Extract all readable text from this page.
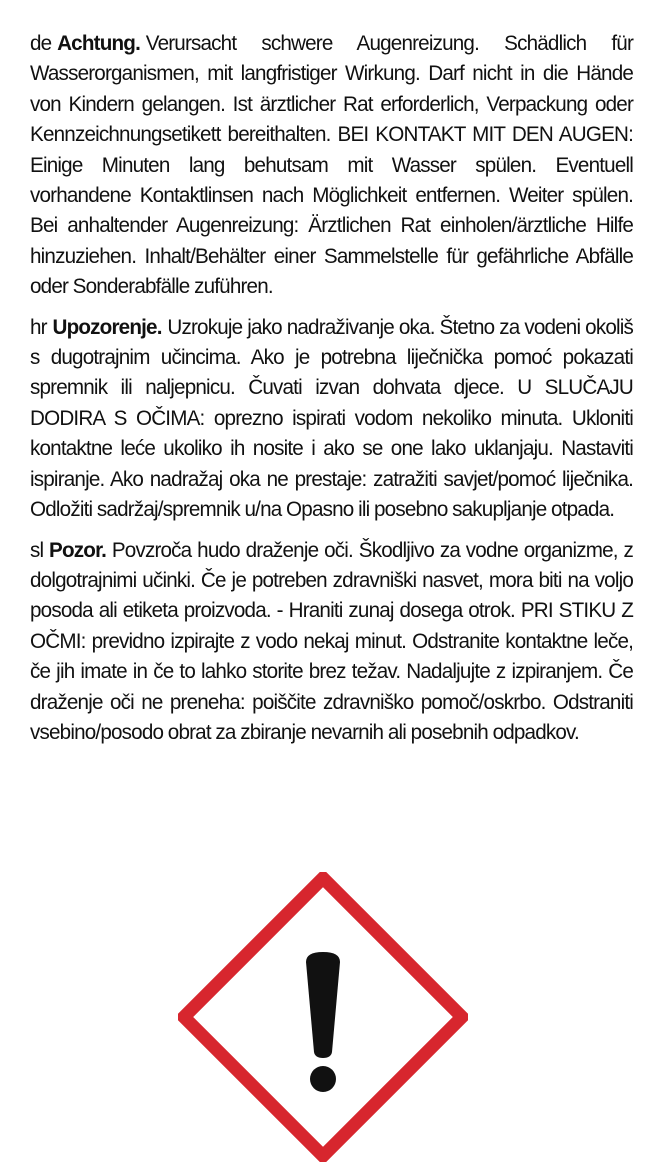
de Achtung. Verursacht schwere Augenreizung. Schädlich für Wasserorganismen, mit langfristiger Wirkung. Darf nicht in die Hände von Kindern gelangen. Ist ärztlicher Rat erforderlich, Verpackung oder Kennzeichnungsetikett bereithalten. BEI KONTAKT MIT DEN AUGEN: Einige Minuten lang behutsam mit Wasser spülen. Eventuell vorhandene Kontaktlinsen nach Möglichkeit entfernen. Weiter spülen. Bei anhaltender Augenreizung: Ärztlichen Rat einholen/ärztliche Hilfe hinzuziehen. Inhalt/Behälter einer Sammelstelle für gefährliche Abfälle oder Sonderabfälle zuführen.

hr Upozorenje. Uzrokuje jako nadraživanje oka. Štetno za vodeni okoliš s dugotrajnim učincima. Ako je potrebna liječnička pomoć pokazati spremnik ili naljepnicu. Čuvati izvan dohvata djece. U SLUČAJU DODIRA S OČIMA: oprezno ispirati vodom nekoliko minuta. Ukloniti kontaktne leće ukoliko ih nosite i ako se one lako uklanjaju. Nastaviti ispiranje. Ako nadražaj oka ne prestaje: zatražiti savjet/pomoć liječnika. Odložiti sadržaj/spremnik u/na Opasno ili posebno sakupljanje otpada.

sl Pozor. Povzroča hudo draženje oči. Škodljivo za vodne organizme, z dolgotrajnimi učinki. Če je potreben zdravniški nasvet, mora biti na voljo posoda ali etiketa proizvoda. - Hraniti zunaj dosega otrok. PRI STIKU Z OČMI: previdno izpirajte z vodo nekaj minut. Odstranite kontaktne leče, če jih imate in če to lahko storite brez težav. Nadaljujte z izpiranjem. Če draženje oči ne preneha: poiščite zdravniško pomoč/oskrbo. Odstraniti vsebino/posodo obrat za zbiranje nevarnih ali posebnih odpadkov.
